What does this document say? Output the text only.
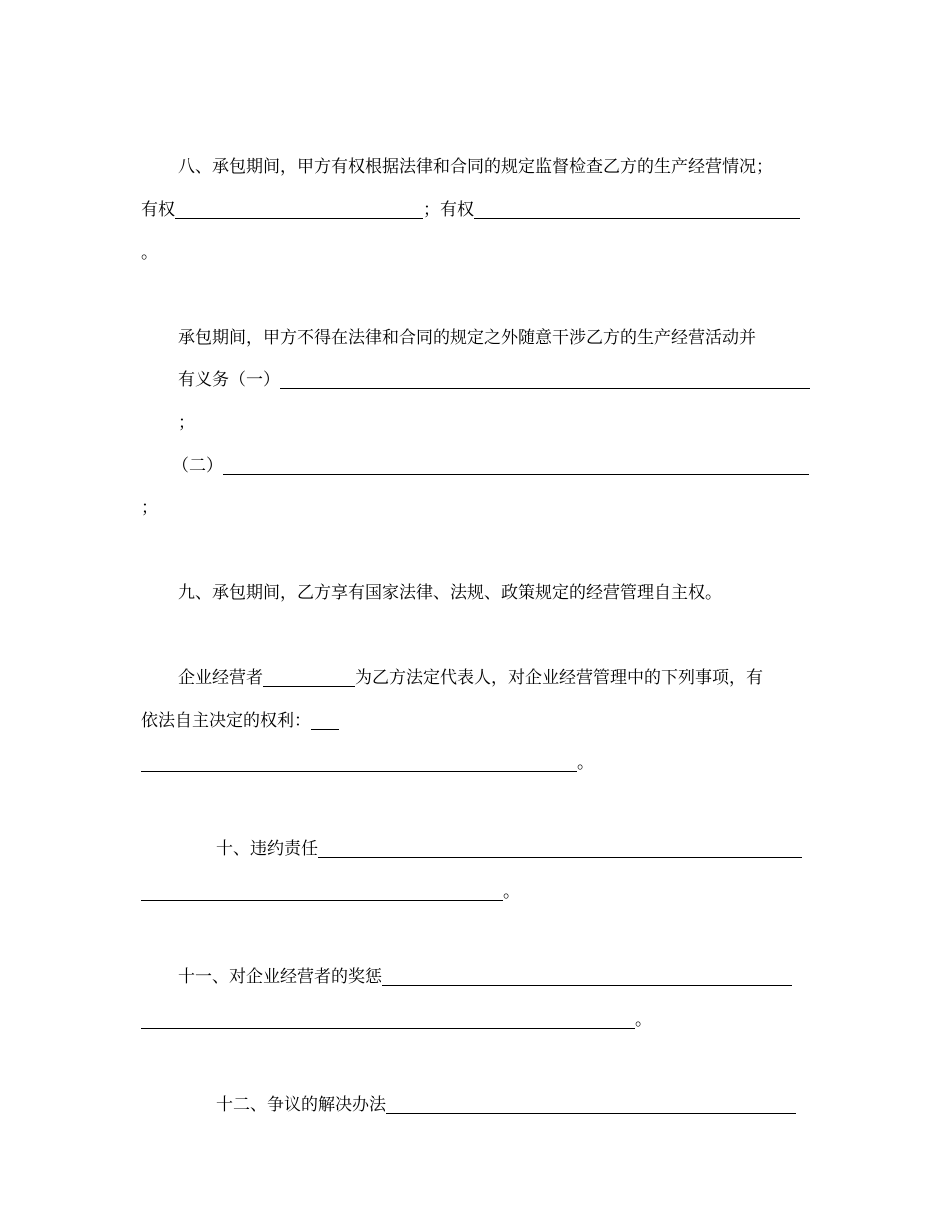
八、承包期间，甲方有权根据法律和合同的规定监督检查乙方的生产经营情况；
有权	； 有权
。
承包期间，甲方不得在法律和合同的规定之外随意干涉乙方的生产经营活动并
有义务（一）
；
（二）
；
九、承包期间，乙方享有国家法律、法规、政策规定的经营管理自主权。
企业经营者	为乙方法定代表人，对企业经营管理中的下列事项，有
依法自主决定的权利：
。
十、违约责任
。
十一、对企业经营者的奖惩
。
十二、争议的解决办法
